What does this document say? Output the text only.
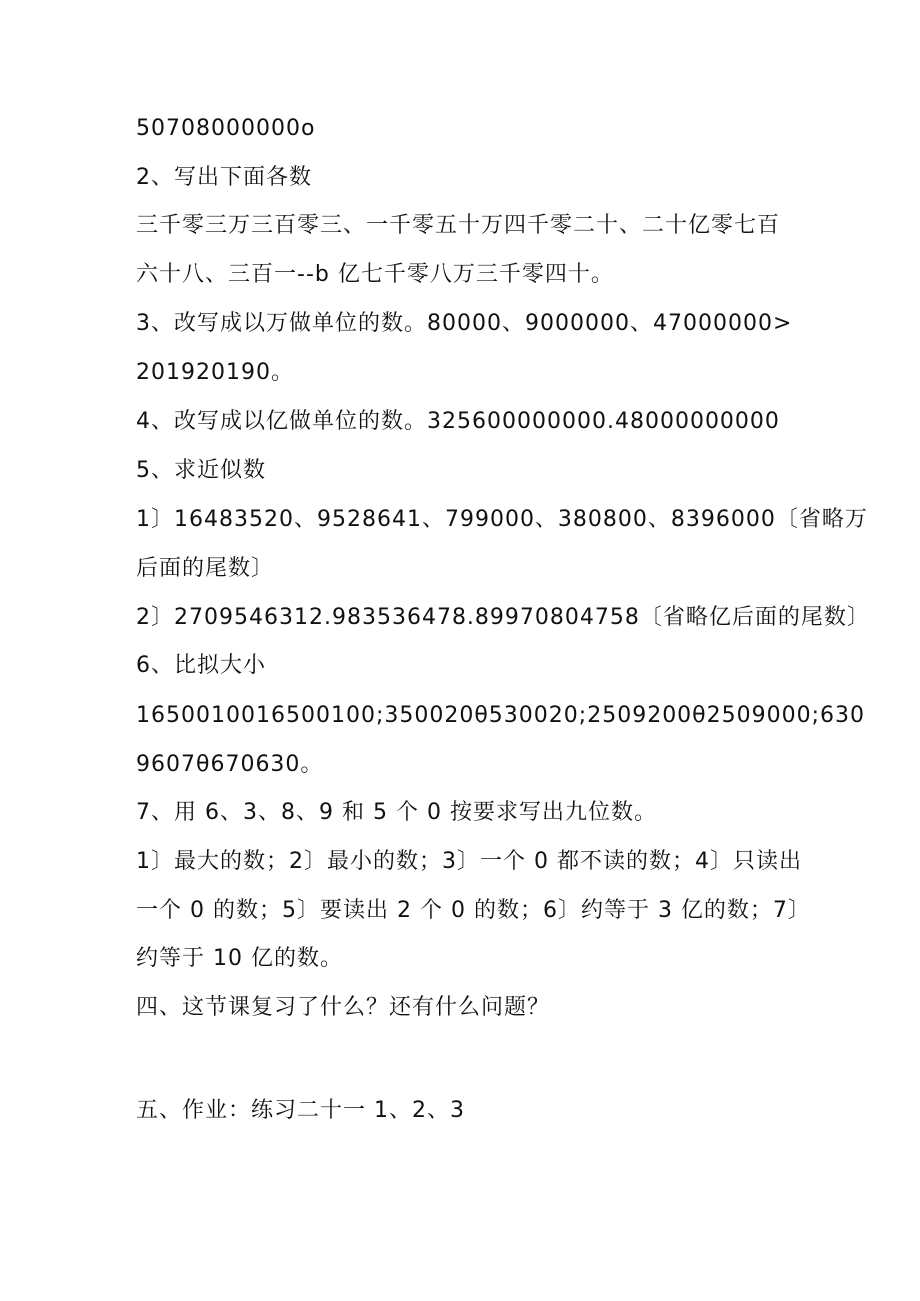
50708000000o

2、写出下面各数

三千零三万三百零三、一千零五十万四千零二十、二十亿零七百

六十八、三百一--b 亿七千零八万三千零四十。

3、改写成以万做单位的数。80000、9000000、47000000>

201920190。

4、改写成以亿做单位的数。325600000000.48000000000

5、求近似数

1〕16483520、9528641、799000、380800、8396000〔省略万

后面的尾数〕

2〕2709546312.983536478.89970804758〔省略亿后面的尾数〕

6、比拟大小

1650010016500100;350020θ530020;2509200θ2509000;630

9607θ670630。

7、用 6、3、8、9 和 5 个 0 按要求写出九位数。

1〕最大的数；2〕最小的数；3〕一个 0 都不读的数；4〕只读出

一个 0 的数；5〕要读出 2 个 0 的数；6〕约等于 3 亿的数；7〕

约等于 10 亿的数。

四、这节课复习了什么？还有什么问题？

五、作业：练习二十一 1、2、3
